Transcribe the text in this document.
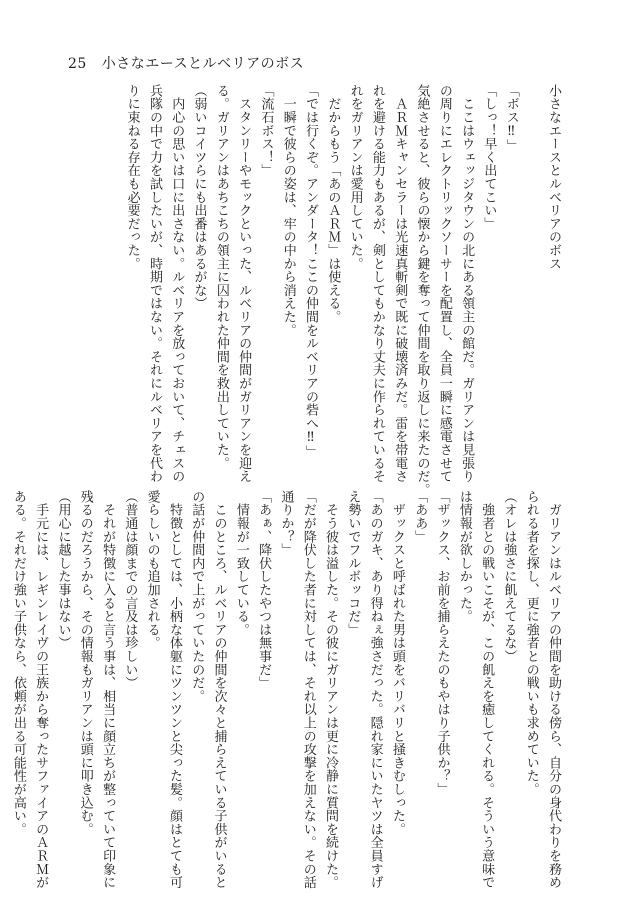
25 小さなエースとルベリアのボス

小さなエースとルベリアのボス

「ボス‼」

「しっ！早く出てこい」

　ここはウェッジタウンの北にある領主の館だ。ガリアンは見張り

の周りにエレクトリックソーサーを配置し、全員一瞬に感電させて

気絶させると、彼らの懐から鍵を奪って仲間を取り返しに来たのだ。

　ＡＲＭキャンセラーは光速真斬剣で既に破壊済みだ。雷を帯電さ

れを避ける能力もあるが、剣としてもかなり丈夫に作られているそ

れをガリアンは愛用していた。

　だからもう「あのＡＲＭ」は使える。

「では行くぞ。アンダータ！ここの仲間をルベリアの砦へ‼」

　一瞬で彼らの姿は、牢の中から消えた。

「流石ボス！」

　スタンリーやモックといった、ルベリアの仲間がガリアンを迎え

る。ガリアンはあちこちの領主に囚われた仲間を救出していた。

（弱いコイツらにも出番はあるがな）

　内心の思いは口に出さない。ルベリアを放っておいて、チェスの

兵隊の中で力を試したいが、時期ではない。それにルベリアを代わ

りに束ねる存在も必要だった。

　ガリアンはルベリアの仲間を助ける傍ら、自分の身代わりを務め

られる者を探し、更に強者との戦いも求めていた。

（オレは強さに飢えてるな）

　強者との戦いこそが、この飢えを癒してくれる。そういう意味で

は情報が欲しかった。

「ザックス、お前を捕らえたのもやはり子供か？」

「ああ」

　ザックスと呼ばれた男は頭をバリバリと掻きむしった。

「あのガキ、あり得ねぇ強さだった。隠れ家にいたヤツは全員すげ

え勢いでフルボッコだ」

　そう彼は溢した。その彼にガリアンは更に冷静に質問を続けた。

「だが降伏した者に対しては、それ以上の攻撃を加えない。その話

通りか？」

「あぁ、降伏したやつは無事だ」

　情報が一致している。

　このところ、ルベリアの仲間を次々と捕らえている子供がいると

の話が仲間内で上がっていたのだ。

　特徴としては、小柄な体躯にツンツンと尖った髪。顔はとても可

愛らしいのも追加される。

（普通は顔までの言及は珍しい）

　それが特徴に入ると言う事は、相当に顔立ちが整っていて印象に

残るのだろうから、その情報もガリアンは頭に叩き込む。

（用心に越した事はない）

　手元には、レギンレイヴの王族から奪ったサファイアのＡＲＭが

ある。それだけ強い子供なら、依頼が出る可能性が高い。
